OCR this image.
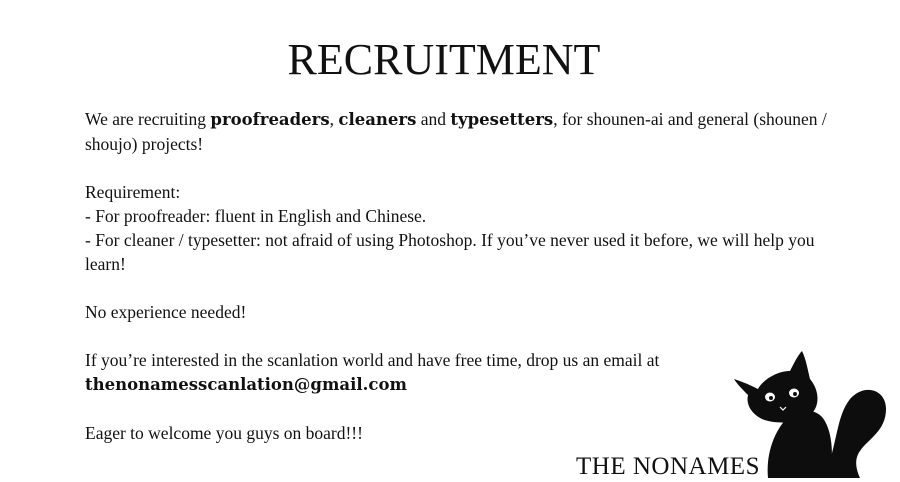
RECRUITMENT

We are recruiting proofreaders, cleaners and typesetters, for shounen-ai and general (shounen / shoujo) projects!

Requirement:

- For proofreader: fluent in English and Chinese.

- For cleaner / typesetter: not afraid of using Photoshop. If you’ve never used it before, we will help you learn!

No experience needed!

If you’re interested in the scanlation world and have free time, drop us an email at

thenonamesscanlation@gmail.com

Eager to welcome you guys on board!!!

THE NONAMES
